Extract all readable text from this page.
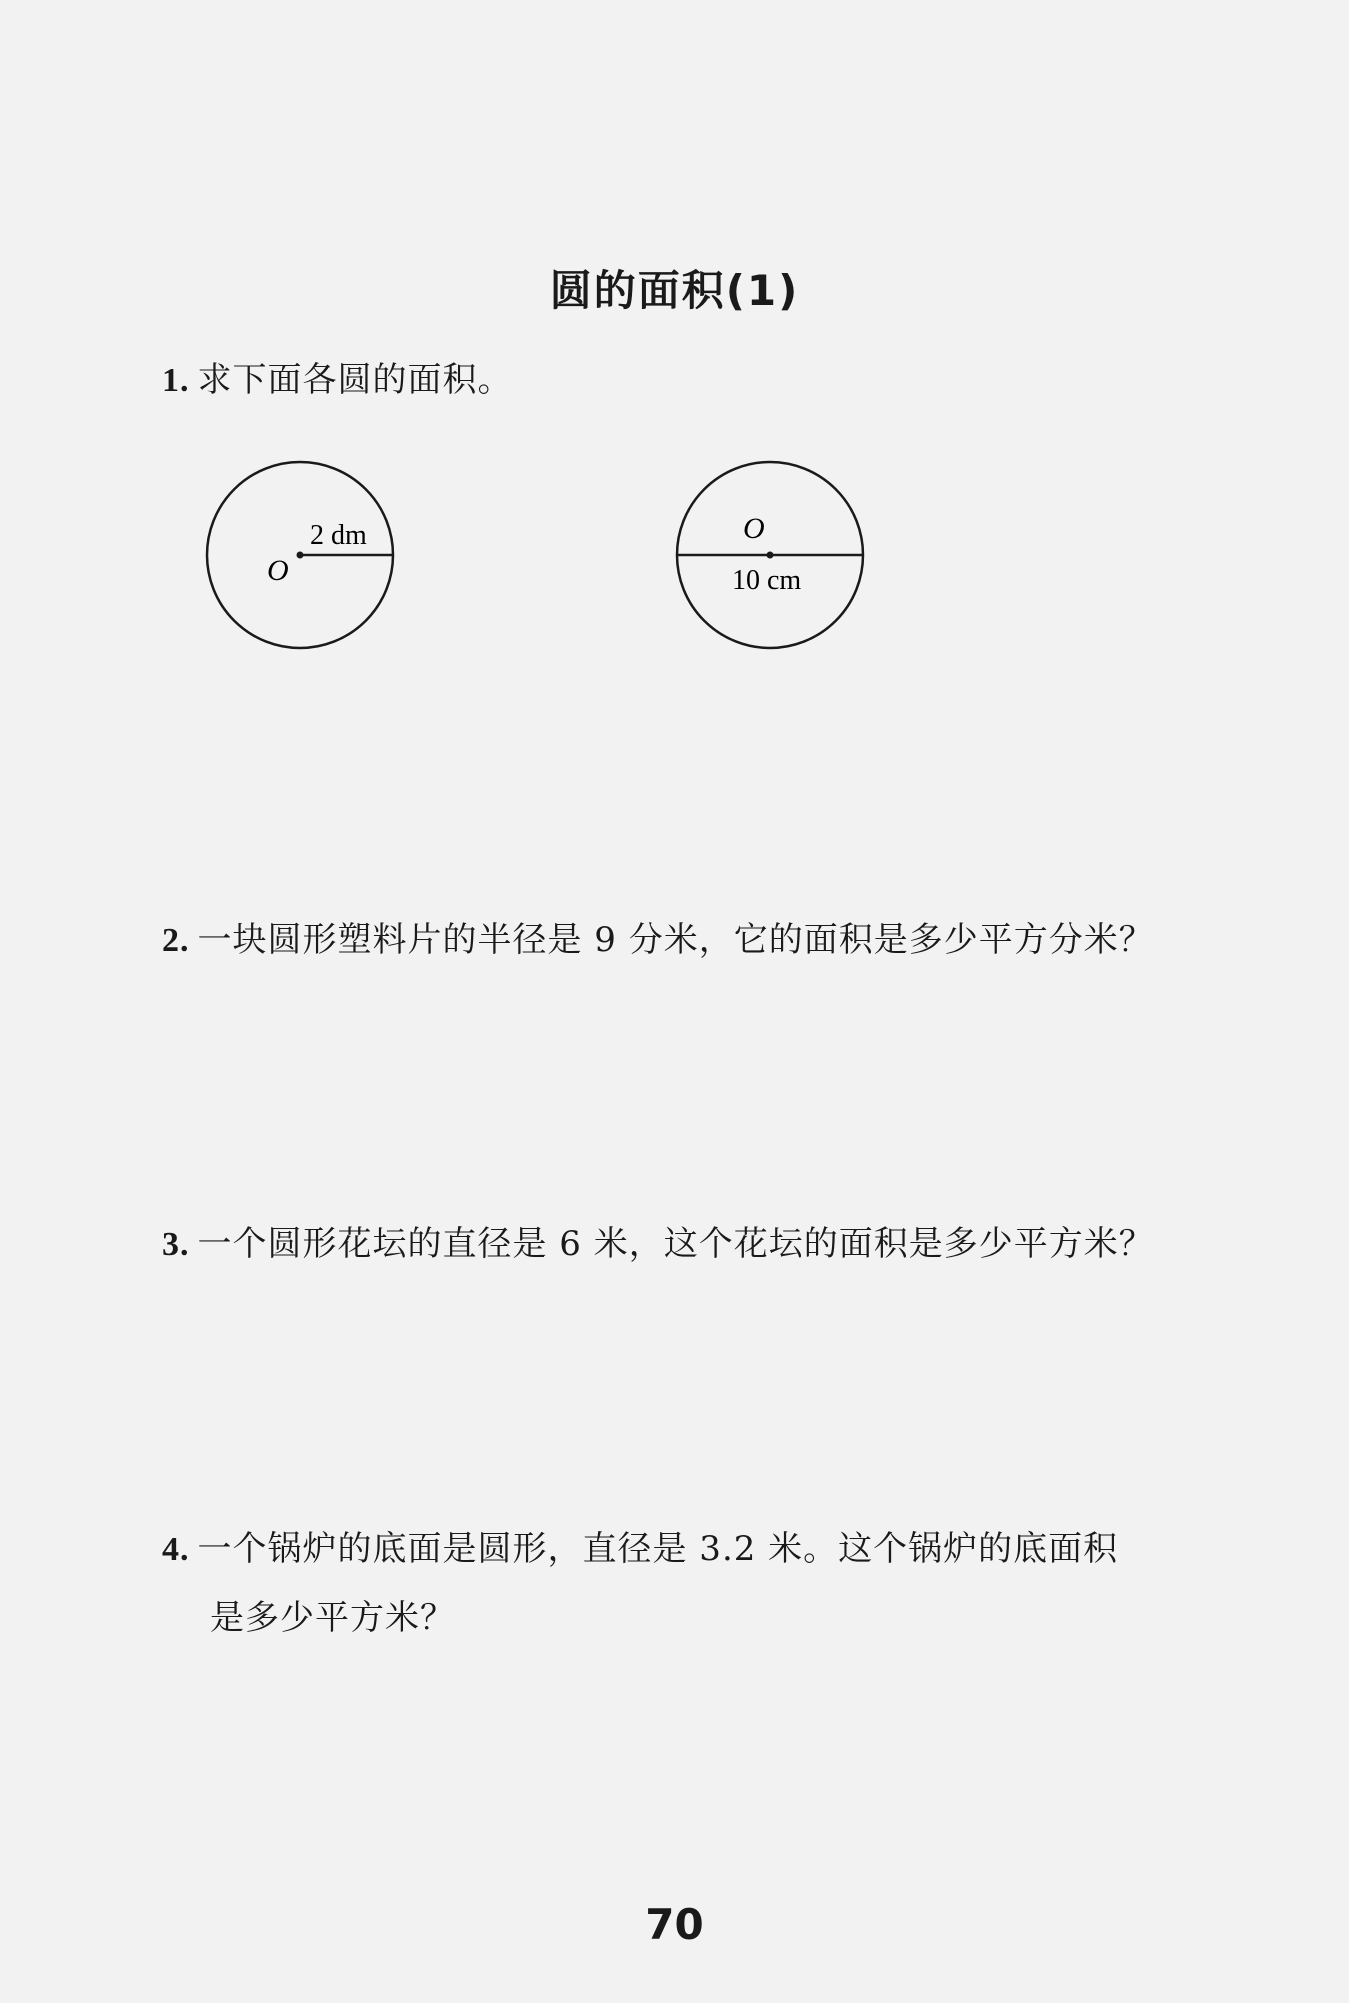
圆的面积(1)
1. 求下面各圆的面积。
O
2 dm	O
10 cm
2. 一块圆形塑料片的半径是 9 分米，它的面积是多少平方分米？
3. 一个圆形花坛的直径是 6 米，这个花坛的面积是多少平方米？
4. 一个锅炉的底面是圆形，直径是 3.2 米。这个锅炉的底面积
是多少平方米？
70
